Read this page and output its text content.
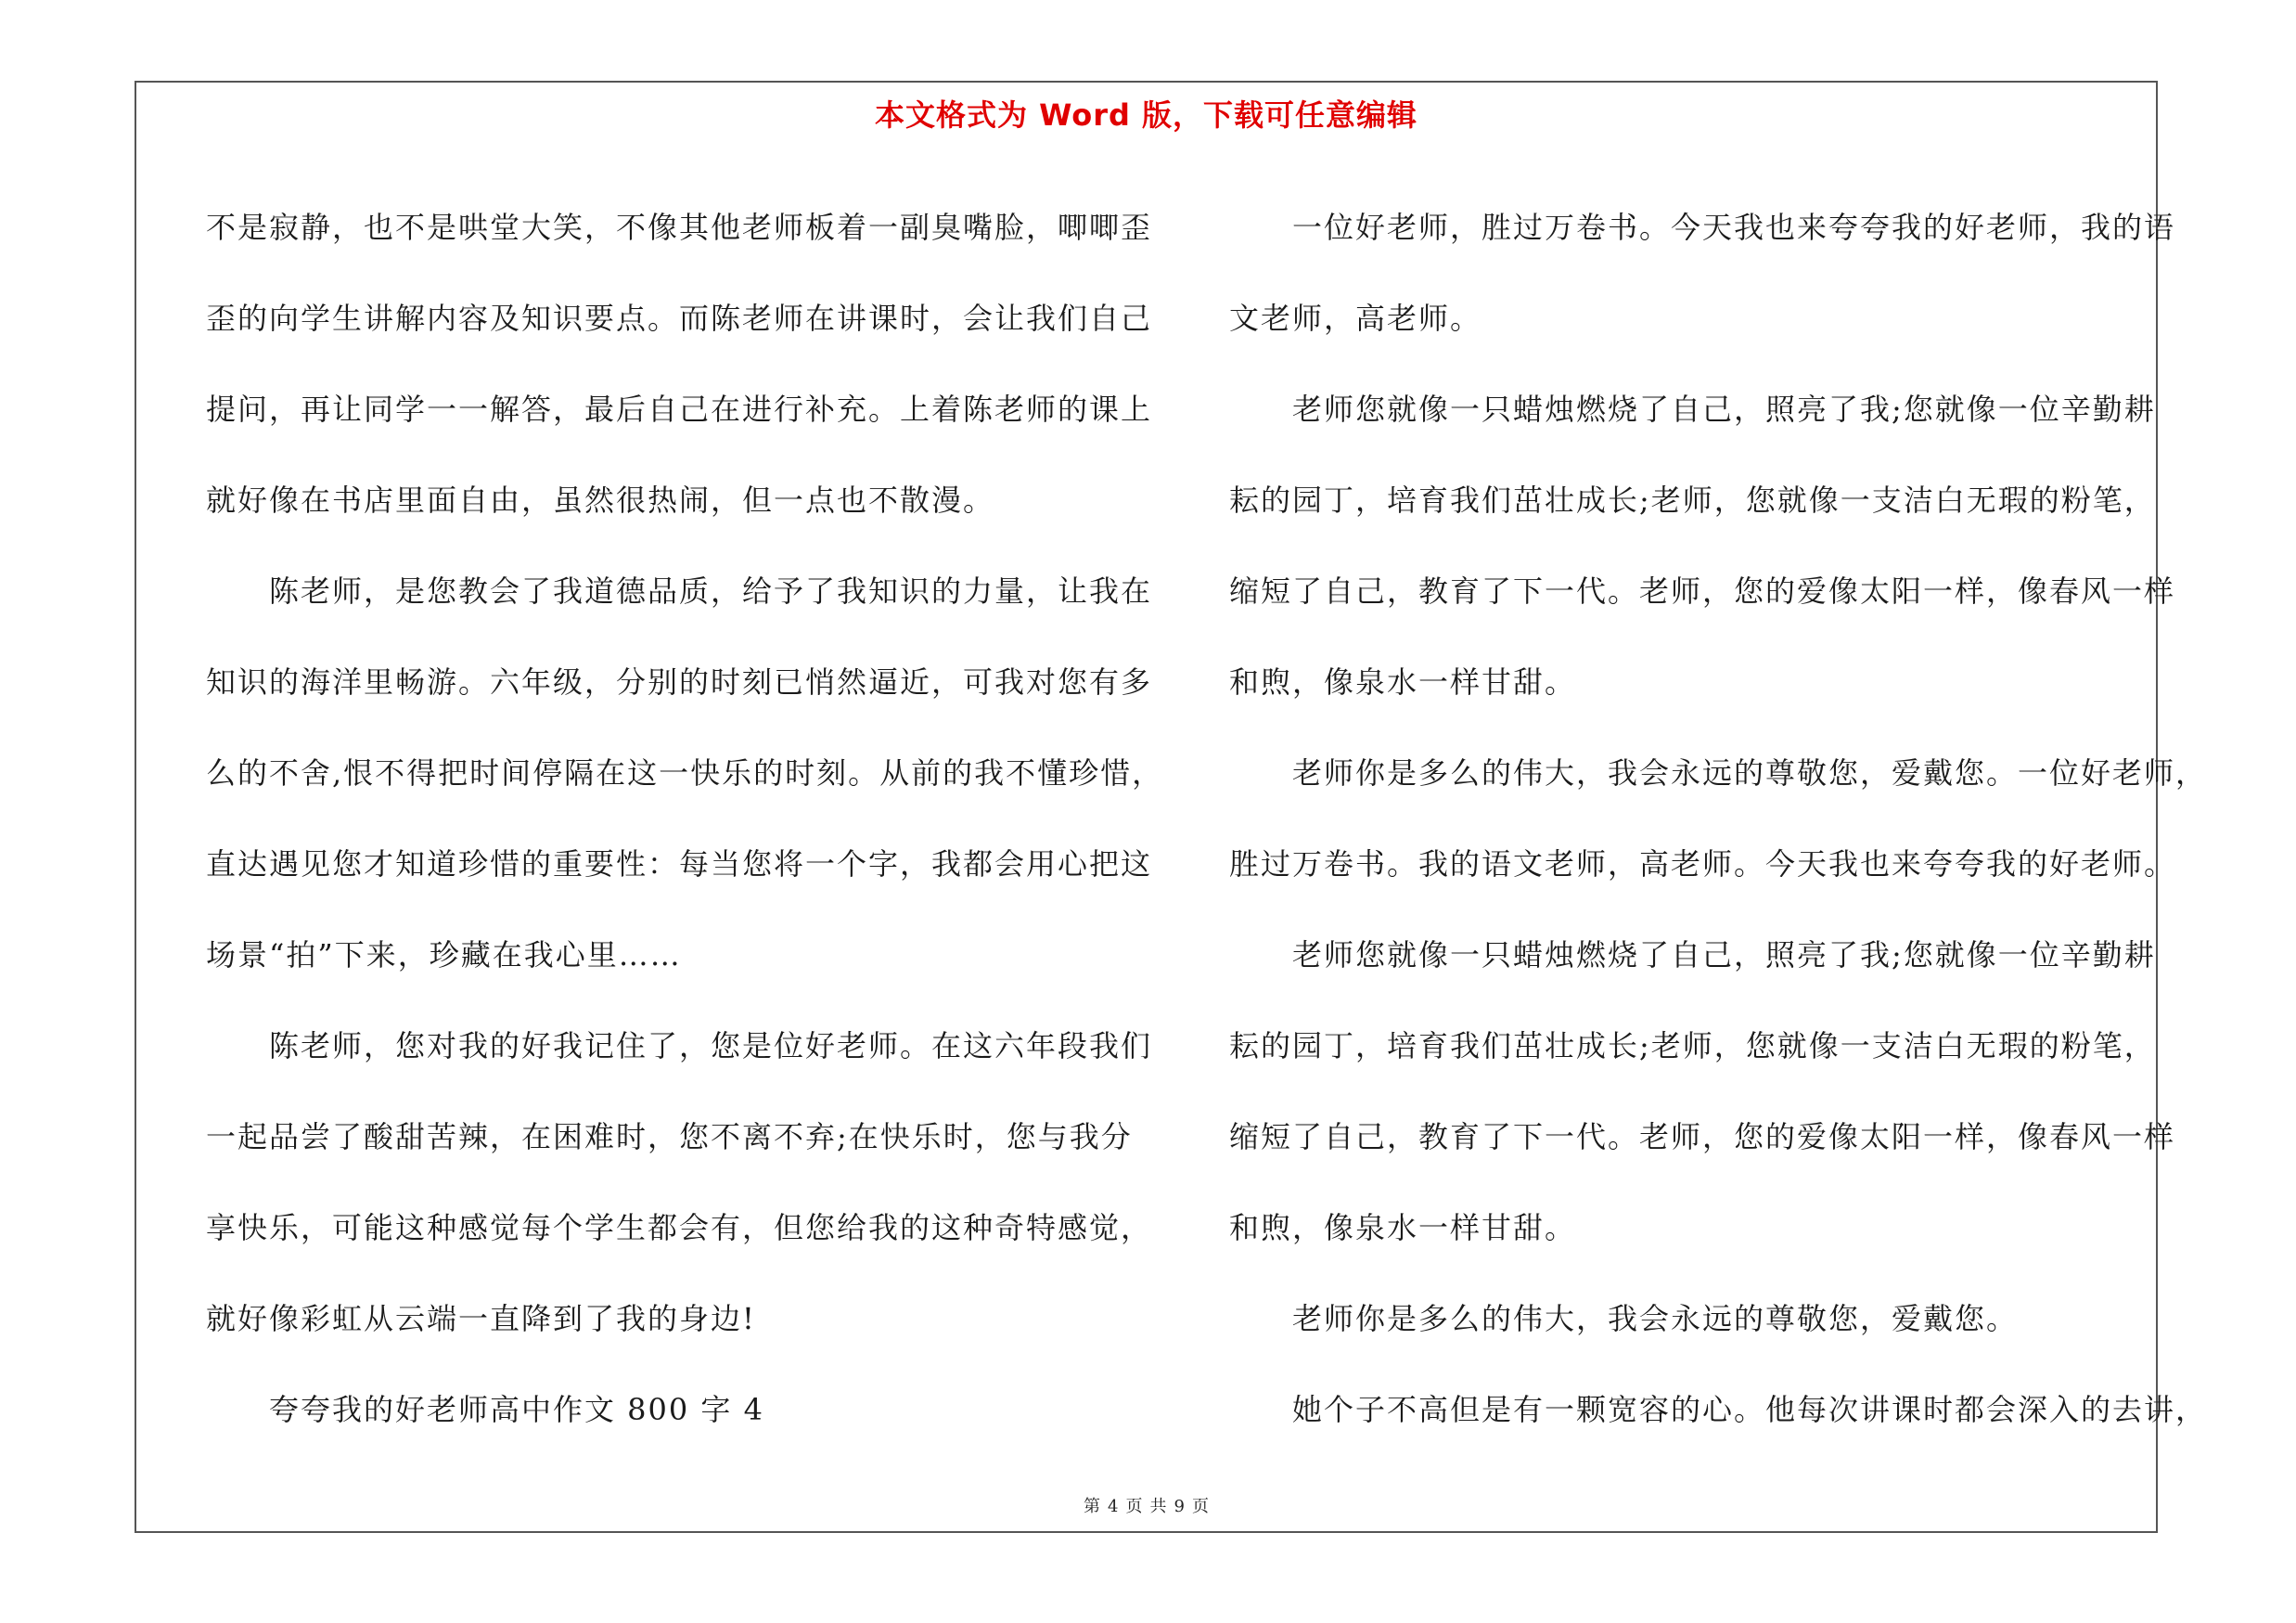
本文格式为 Word 版，下载可任意编辑
不是寂静，也不是哄堂大笑，不像其他老师板着一副臭嘴脸，唧唧歪
歪的向学生讲解内容及知识要点。而陈老师在讲课时，会让我们自己
提问，再让同学一一解答，最后自己在进行补充。上着陈老师的课上
就好像在书店里面自由，虽然很热闹，但一点也不散漫。
陈老师，是您教会了我道德品质，给予了我知识的力量，让我在
知识的海洋里畅游。六年级，分别的时刻已悄然逼近，可我对您有多
么的不舍,恨不得把时间停隔在这一快乐的时刻。从前的我不懂珍惜，
直达遇见您才知道珍惜的重要性：每当您将一个字，我都会用心把这
场景“拍”下来，珍藏在我心里……
陈老师，您对我的好我记住了，您是位好老师。在这六年段我们
一起品尝了酸甜苦辣，在困难时，您不离不弃;在快乐时，您与我分
享快乐，可能这种感觉每个学生都会有，但您给我的这种奇特感觉，
就好像彩虹从云端一直降到了我的身边!
夸夸我的好老师高中作文 800 字 4
一位好老师，胜过万卷书。今天我也来夸夸我的好老师，我的语
文老师，高老师。
老师您就像一只蜡烛燃烧了自己，照亮了我;您就像一位辛勤耕
耘的园丁，培育我们茁壮成长;老师，您就像一支洁白无瑕的粉笔，
缩短了自己，教育了下一代。老师，您的爱像太阳一样，像春风一样
和煦，像泉水一样甘甜。
老师你是多么的伟大，我会永远的尊敬您，爱戴您。一位好老师，
胜过万卷书。我的语文老师，高老师。今天我也来夸夸我的好老师。
老师您就像一只蜡烛燃烧了自己，照亮了我;您就像一位辛勤耕
耘的园丁，培育我们茁壮成长;老师，您就像一支洁白无瑕的粉笔，
缩短了自己，教育了下一代。老师，您的爱像太阳一样，像春风一样
和煦，像泉水一样甘甜。
老师你是多么的伟大，我会永远的尊敬您，爱戴您。
她个子不高但是有一颗宽容的心。他每次讲课时都会深入的去讲，
第 4 页 共 9 页
